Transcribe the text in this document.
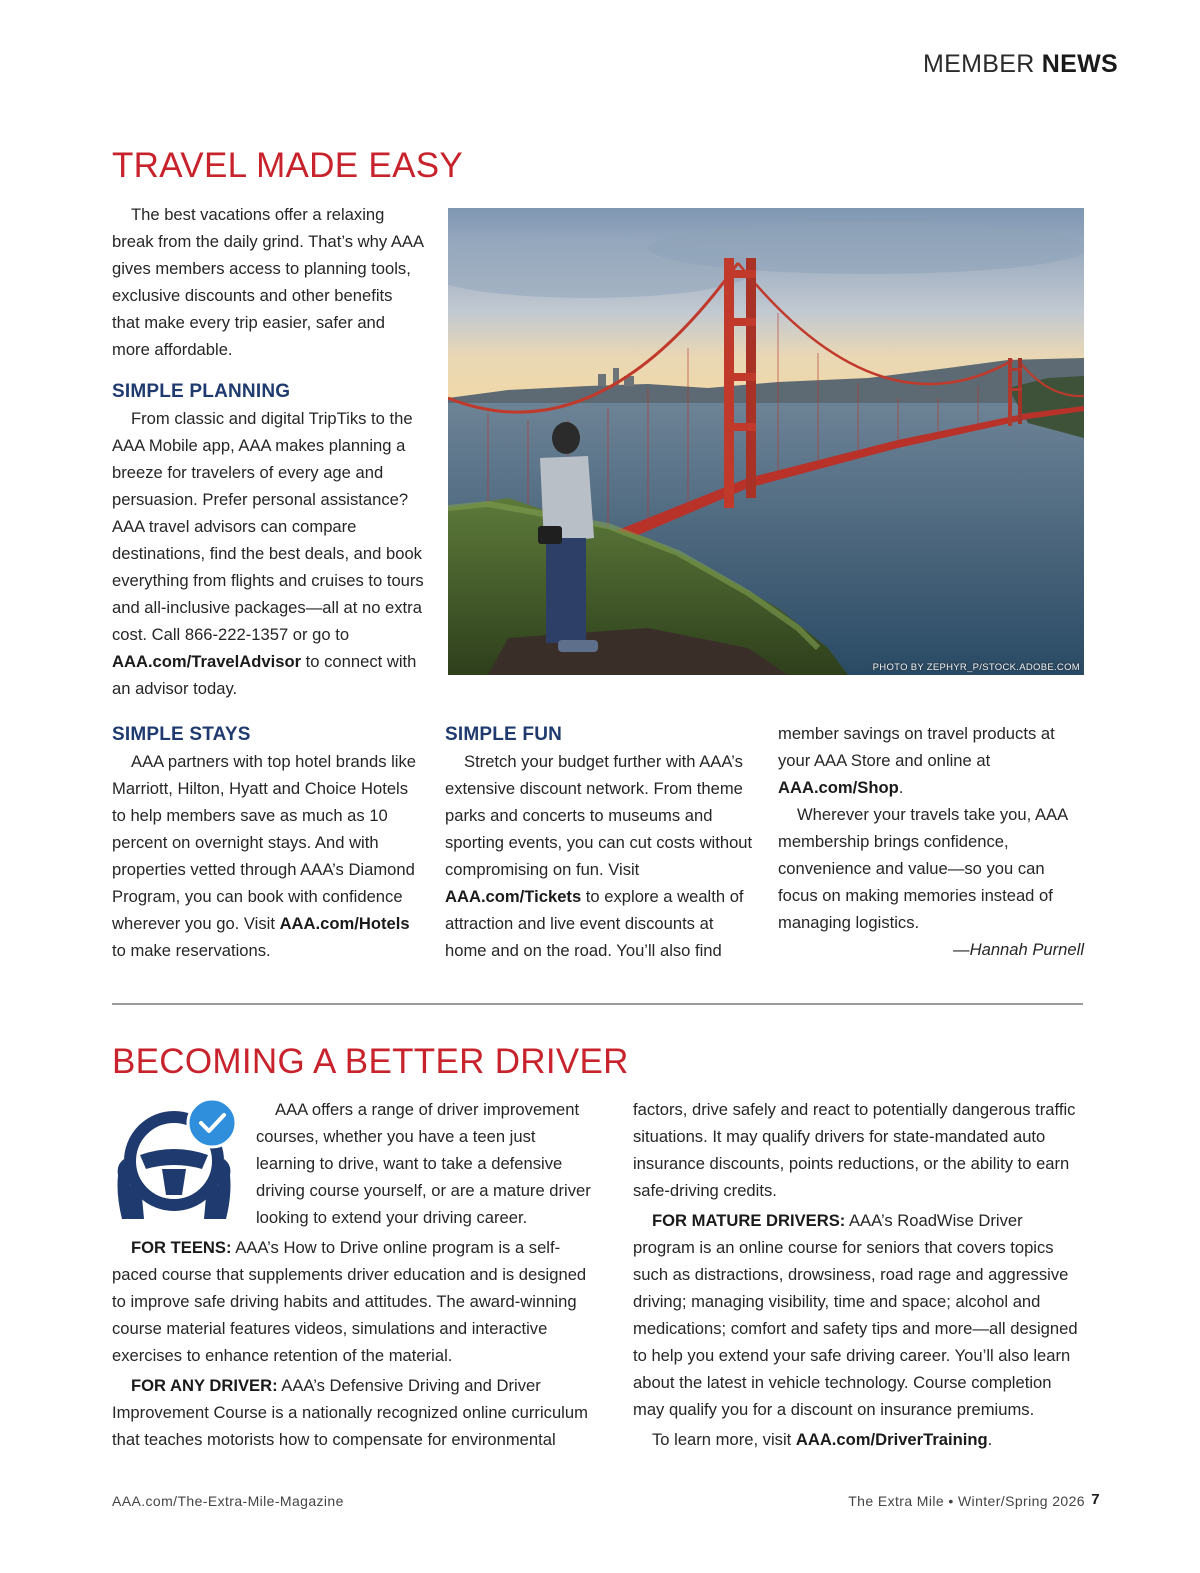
MEMBER NEWS
TRAVEL MADE EASY

The best vacations offer a relaxing break from the daily grind. That’s why AAA gives members access to planning tools, exclusive discounts and other benefits that make every trip easier, safer and more affordable.

SIMPLE PLANNING

From classic and digital TripTiks to the AAA Mobile app, AAA makes planning a breeze for travelers of every age and persuasion. Prefer personal assistance? AAA travel advisors can compare destinations, find the best deals, and book everything from flights and cruises to tours and all-inclusive packages—all at no extra cost. Call 866-222-1357 or go to AAA.com/TravelAdvisor to connect with an advisor today.

PHOTO BY ZEPHYR_P/STOCK.ADOBE.COM
SIMPLE STAYS

AAA partners with top hotel brands like Marriott, Hilton, Hyatt and Choice Hotels to help members save as much as 10 percent on overnight stays. And with properties vetted through AAA’s Diamond Program, you can book with confidence wherever you go. Visit AAA.com/Hotels to make reservations.

SIMPLE FUN

Stretch your budget further with AAA’s extensive discount network. From theme parks and concerts to museums and sporting events, you can cut costs without compromising on fun. Visit AAA.com/Tickets to explore a wealth of attraction and live event discounts at home and on the road. You’ll also find

member savings on travel products at your AAA Store and online at AAA.com/Shop.

Wherever your travels take you, AAA membership brings confidence, convenience and value—so you can focus on making memories instead of managing logistics.

—Hannah Purnell
BECOMING A BETTER DRIVER

AAA offers a range of driver improvement courses, whether you have a teen just learning to drive, want to take a defensive driving course yourself, or are a mature driver looking to extend your driving career.

FOR TEENS: AAA’s How to Drive online program is a self-paced course that supplements driver education and is designed to improve safe driving habits and attitudes. The award-winning course material features videos, simulations and interactive exercises to enhance retention of the material.

FOR ANY DRIVER: AAA’s Defensive Driving and Driver Improvement Course is a nationally recognized online curriculum that teaches motorists how to compensate for environmental

factors, drive safely and react to potentially dangerous traffic situations. It may qualify drivers for state-mandated auto insurance discounts, points reductions, or the ability to earn safe-driving credits.

FOR MATURE DRIVERS: AAA’s RoadWise Driver program is an online course for seniors that covers topics such as distractions, drowsiness, road rage and aggressive driving; managing visibility, time and space; alcohol and medications; comfort and safety tips and more—all designed to help you extend your safe driving career. You’ll also learn about the latest in vehicle technology. Course completion may qualify you for a discount on insurance premiums.

To learn more, visit AAA.com/DriverTraining.

AAA.com/The-Extra-Mile-Magazine	The Extra Mile • Winter/Spring 2026 7
